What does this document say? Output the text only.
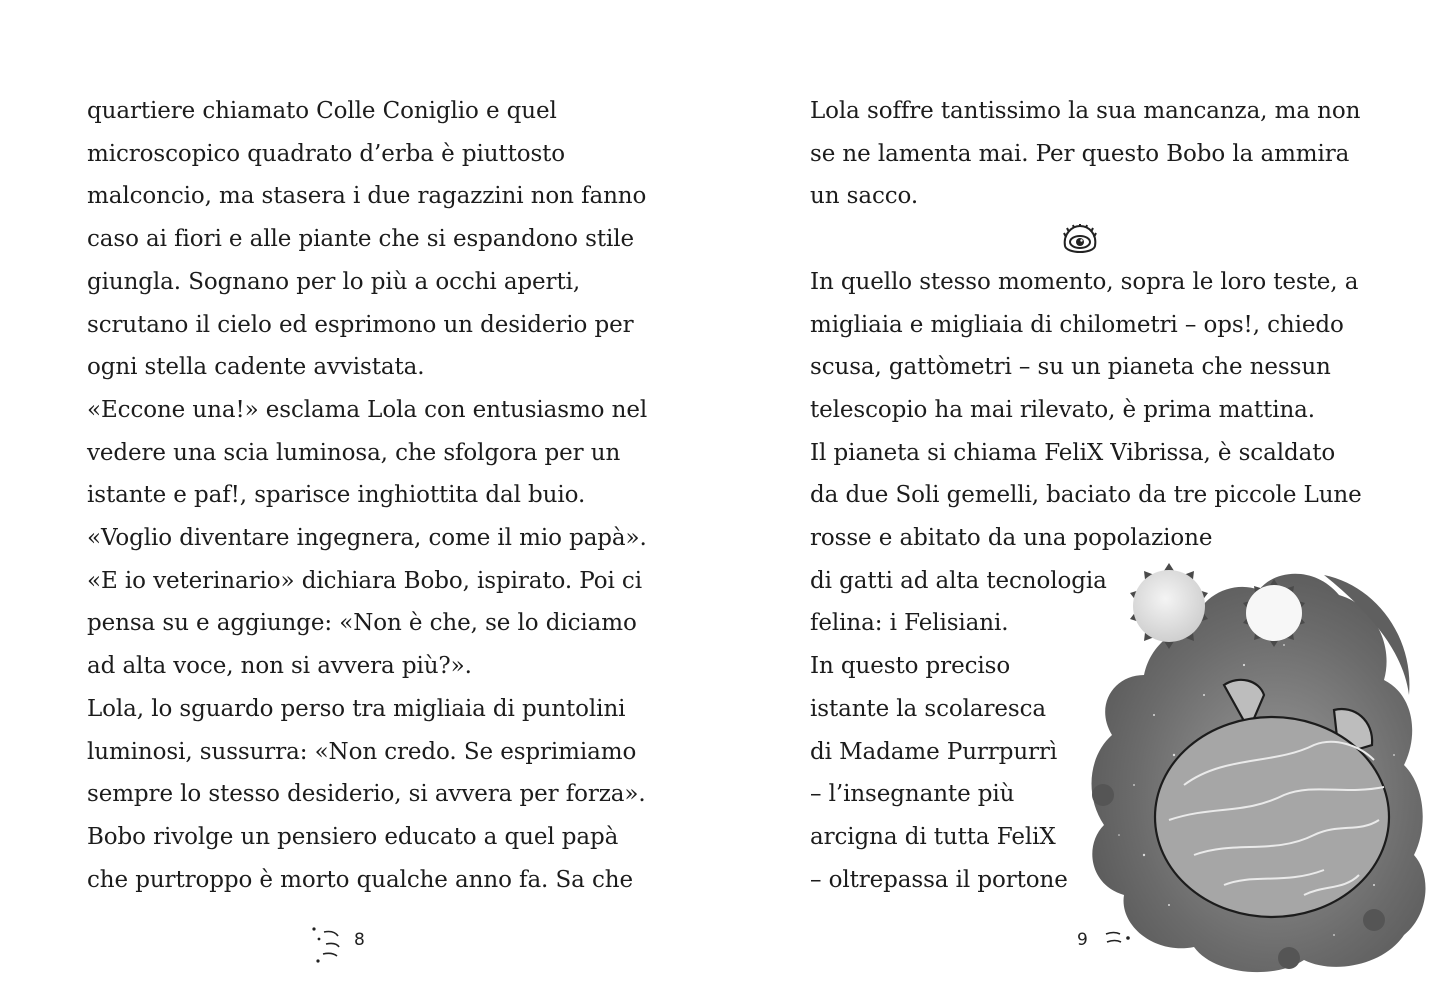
quartiere chiamato Colle Coniglio e quel
microscopico quadrato d’erba è piuttosto
malconcio, ma stasera i due ragazzini non fanno
caso ai fiori e alle piante che si espandono stile
giungla. Sognano per lo più a occhi aperti,
scrutano il cielo ed esprimono un desiderio per
ogni stella cadente avvistata.
«Eccone una!» esclama Lola con entusiasmo nel
vedere una scia luminosa, che sfolgora per un
istante e paf!, sparisce inghiottita dal buio.
«Voglio diventare ingegnera, come il mio papà».
«E io veterinario» dichiara Bobo, ispirato. Poi ci
pensa su e aggiunge: «Non è che, se lo diciamo
ad alta voce, non si avvera più?».
Lola, lo sguardo perso tra migliaia di puntolini
luminosi, sussurra: «Non credo. Se esprimiamo
sempre lo stesso desiderio, si avvera per forza».
Bobo rivolge un pensiero educato a quel papà
che purtroppo è morto qualche anno fa. Sa che
8
Lola soffre tantissimo la sua mancanza, ma non
se ne lamenta mai. Per questo Bobo la ammira
un sacco.
In quello stesso momento, sopra le loro teste, a
migliaia e migliaia di chilometri – ops!, chiedo
scusa, gattòmetri – su un pianeta che nessun
telescopio ha mai rilevato, è prima mattina.
Il pianeta si chiama FeliX Vibrissa, è scaldato
da due Soli gemelli, baciato da tre piccole Lune
rosse e abitato da una popolazione
di gatti ad alta tecnologia
felina: i Felisiani.
In questo preciso
istante la scolaresca
di Madame Purrpurrì
– l’insegnante più
arcigna di tutta FeliX
– oltrepassa il portone
9
